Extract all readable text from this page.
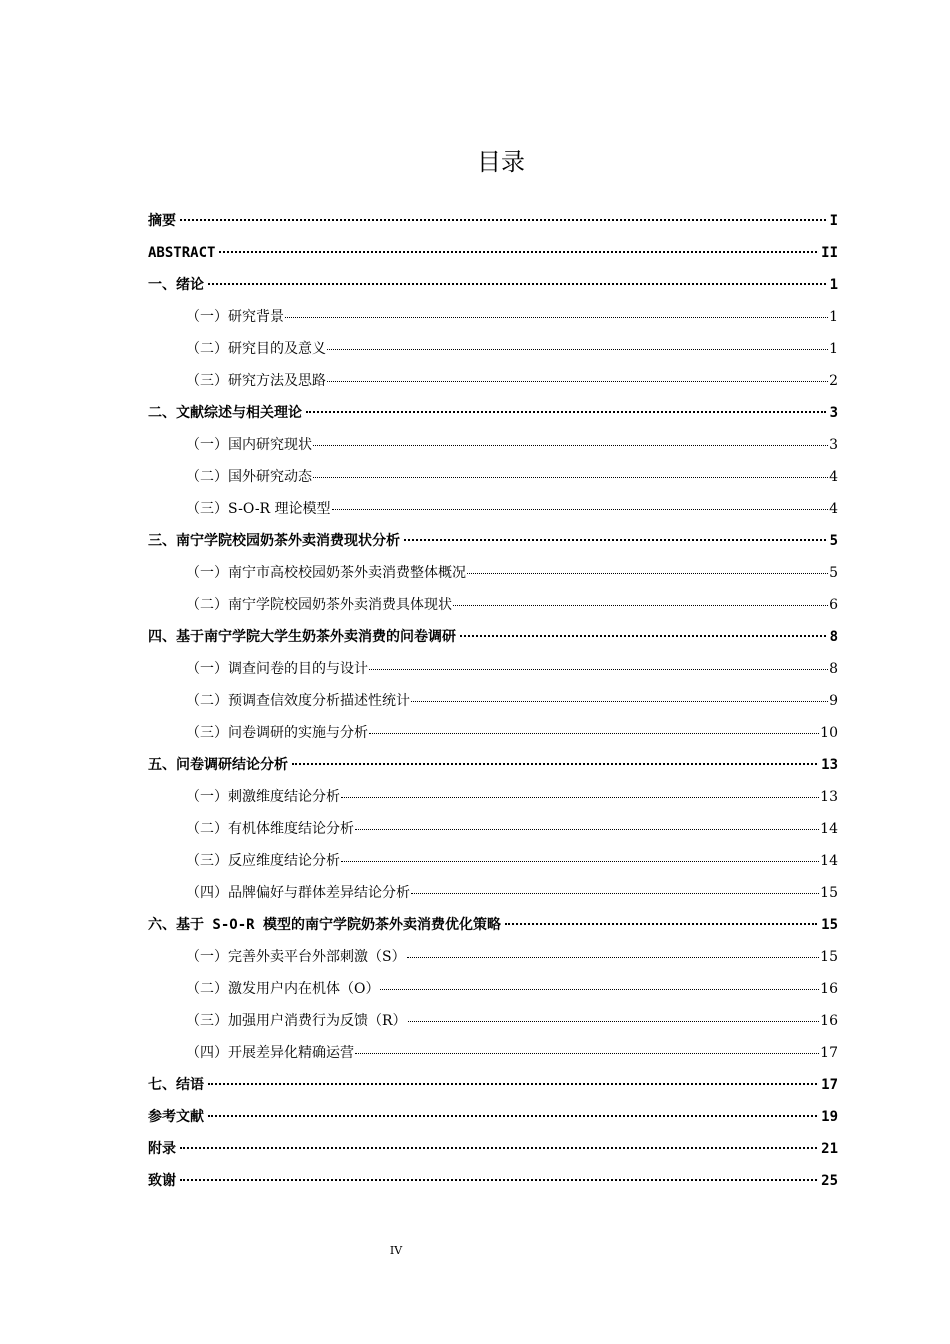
目录
摘要	I
ABSTRACT	II
一、绪论	1
（一）研究背景	1
（二）研究目的及意义	1
（三）研究方法及思路	2
二、文献综述与相关理论	3
（一）国内研究现状	3
（二）国外研究动态	4
（三）S-O-R 理论模型	4
三、南宁学院校园奶茶外卖消费现状分析	5
（一）南宁市高校校园奶茶外卖消费整体概况	5
（二）南宁学院校园奶茶外卖消费具体现状	6
四、基于南宁学院大学生奶茶外卖消费的问卷调研	8
（一）调查问卷的目的与设计	8
（二）预调查信效度分析描述性统计	9
（三）问卷调研的实施与分析	10
五、问卷调研结论分析	13
（一）刺激维度结论分析	13
（二）有机体维度结论分析	14
（三）反应维度结论分析	14
（四）品牌偏好与群体差异结论分析	15
六、基于 S-O-R 模型的南宁学院奶茶外卖消费优化策略	15
（一）完善外卖平台外部刺激（S）	15
（二）激发用户内在机体（O）	16
（三）加强用户消费行为反馈（R）	16
（四）开展差异化精确运营	17
七、结语	17
参考文献	19
附录	21
致谢	25
IV
